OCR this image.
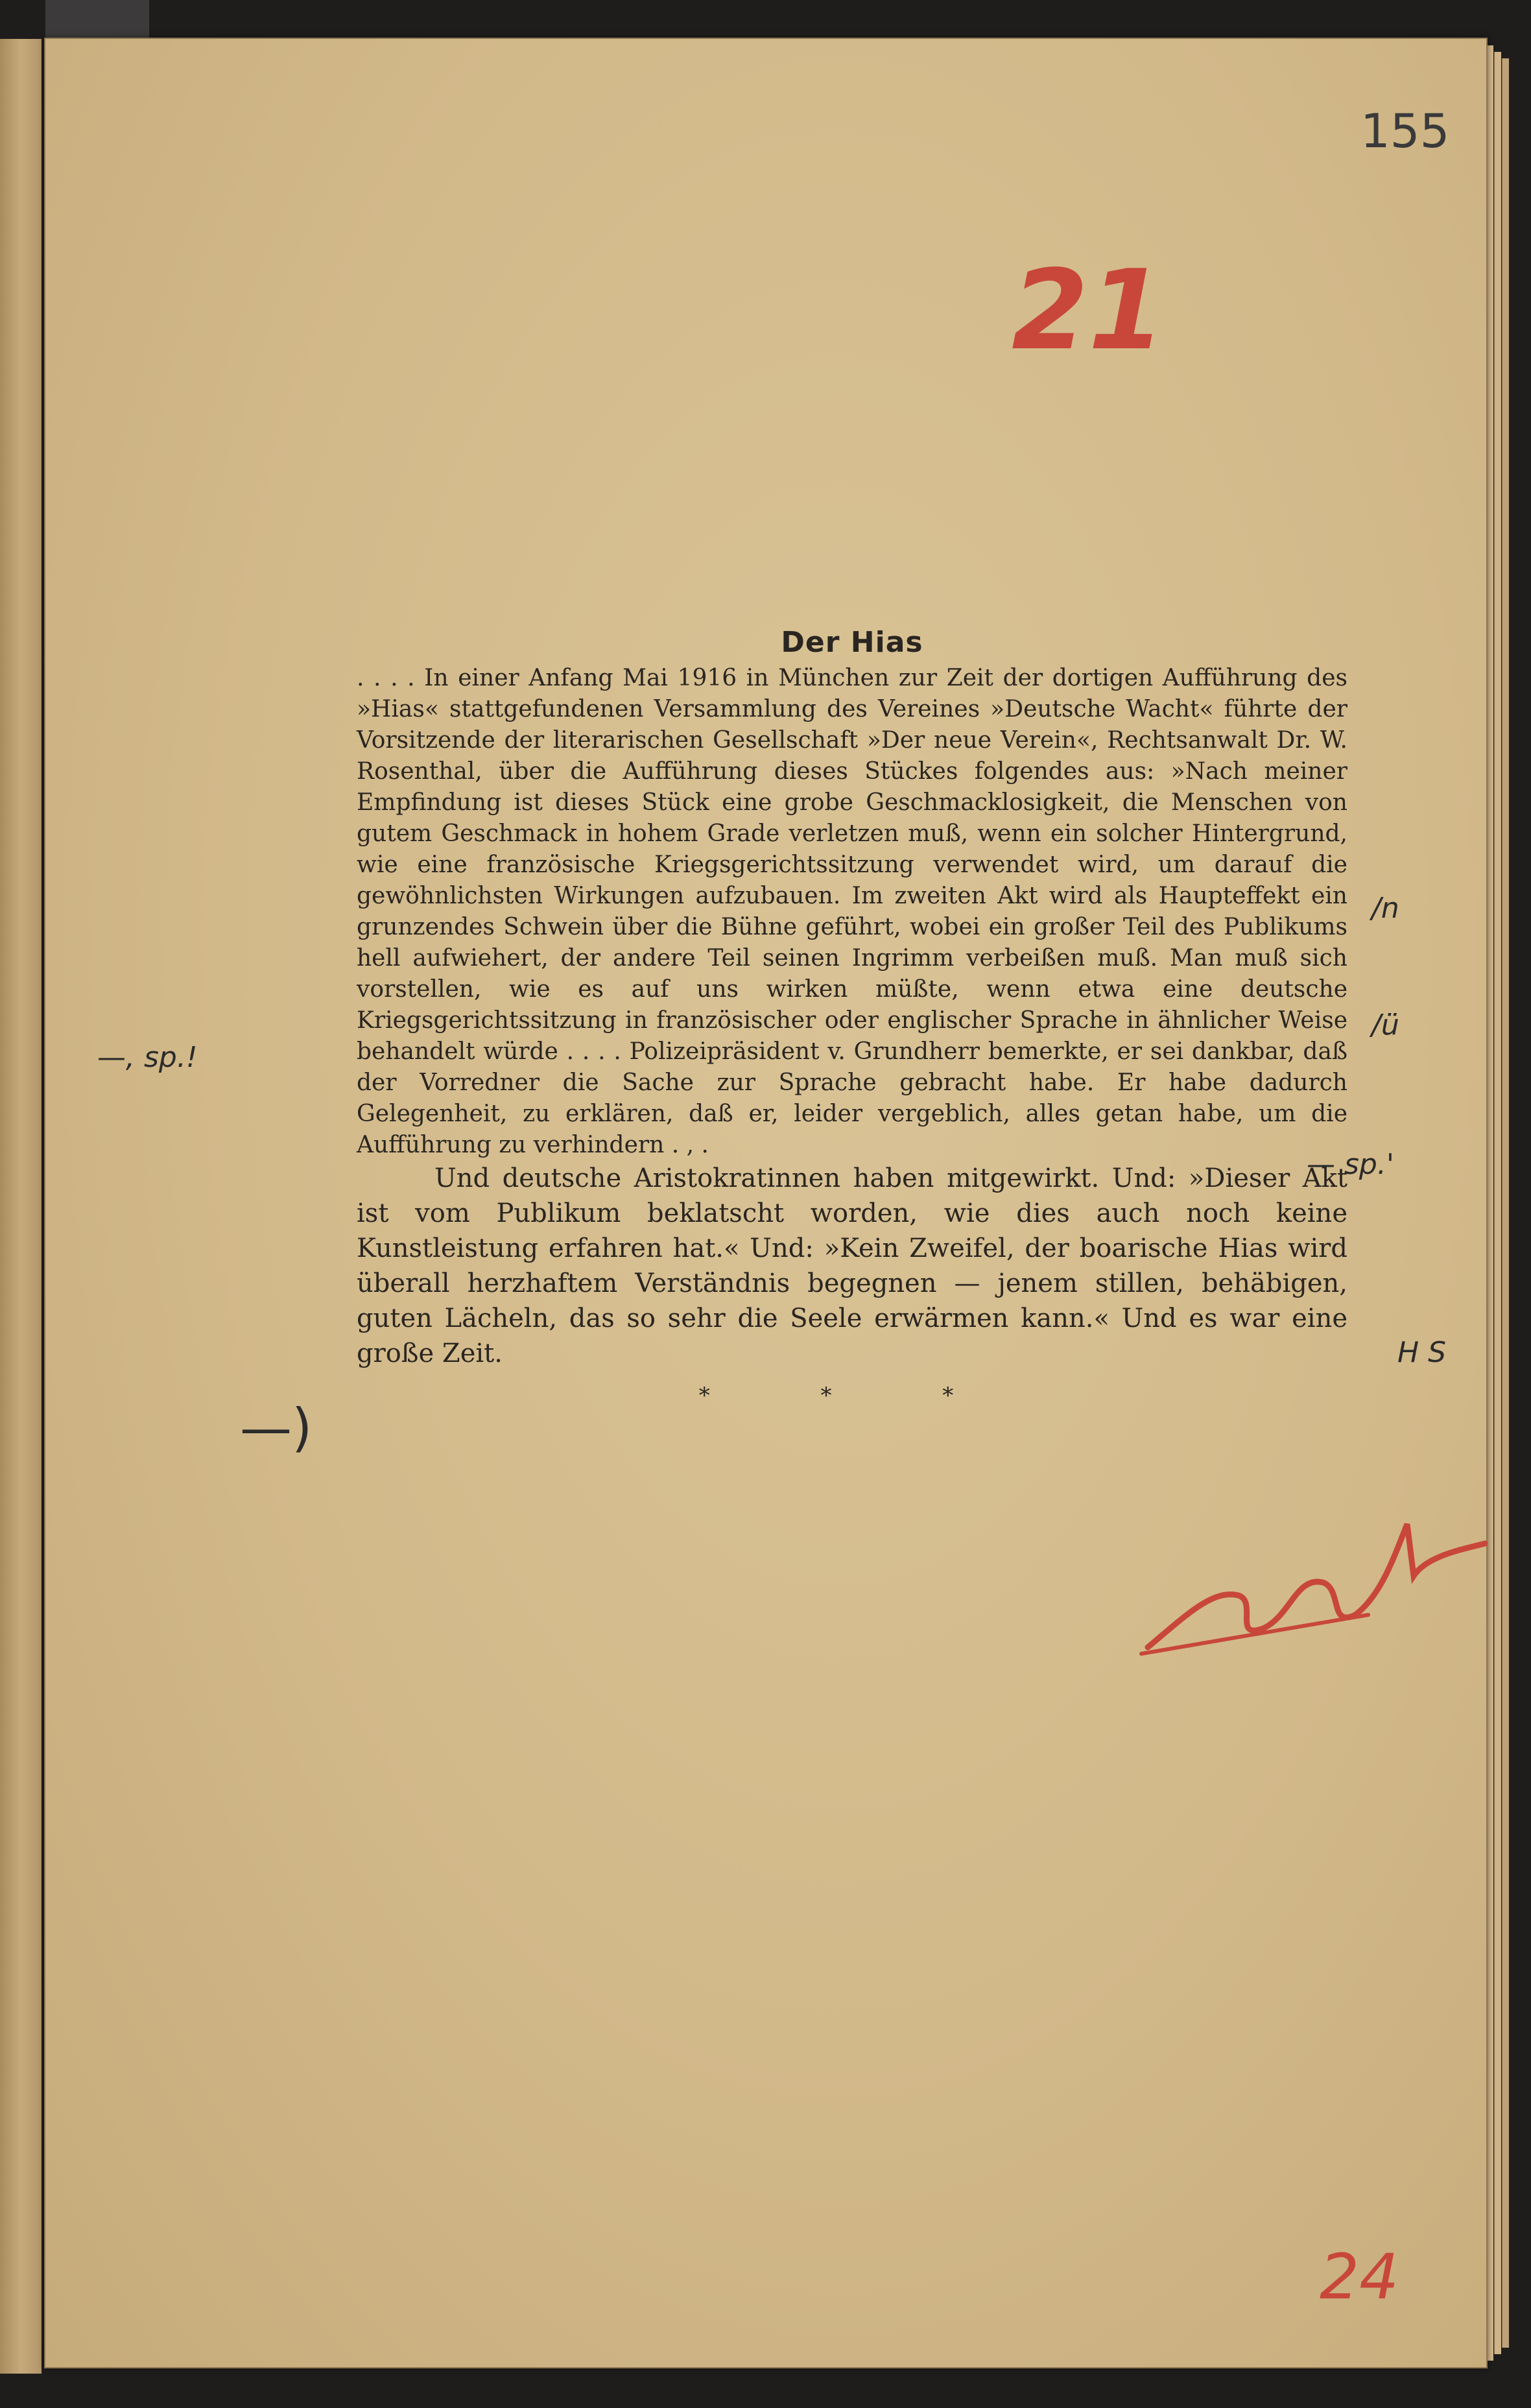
155
21
Der Hias

. . . . In einer Anfang Mai 1916 in München zur Zeit der dortigen Aufführung des »Hias« stattgefundenen Versammlung des Vereines »Deutsche Wacht« führte der Vorsitzende der literarischen Gesellschaft »Der neue Verein«, Rechtsanwalt Dr. W. Rosenthal, über die Aufführung dieses Stückes folgendes aus: »Nach meiner Empfindung ist dieses Stück eine grobe Geschmacklosigkeit, die Menschen von gutem Geschmack in hohem Grade verletzen muß, wenn ein solcher Hintergrund, wie eine französische Kriegsgerichtssitzung verwendet wird, um darauf die gewöhnlichsten Wirkungen aufzubauen. Im zweiten Akt wird als Haupteffekt ein grunzendes Schwein über die Bühne geführt, wobei ein großer Teil des Publikums hell aufwiehert, der andere Teil seinen Ingrimm verbeißen muß. Man muß sich vorstellen, wie es auf uns wirken müßte, wenn etwa eine deutsche Kriegsgerichtssitzung in französischer oder englischer Sprache in ähnlicher Weise behandelt würde . . . . Polizeipräsident v. Grundherr bemerkte, er sei dankbar, daß der Vorredner die Sache zur Sprache gebracht habe. Er habe dadurch Gelegenheit, zu erklären, daß er, leider vergeblich, alles getan habe, um die Aufführung zu verhindern . , .

Und deutsche Aristokratinnen haben mitgewirkt. Und: »Dieser Akt ist vom Publikum beklatscht worden, wie dies auch noch keine Kunstleistung erfahren hat.« Und: »Kein Zweifel, der boarische Hias wird überall herzhaftem Verständnis begegnen — jenem stillen, behäbigen, guten Lächeln, das so sehr die Seele erwärmen kann.« Und es war eine große Zeit.

* * *
/n
/ü
— sp.'
H S
—, sp.!
—)
24
